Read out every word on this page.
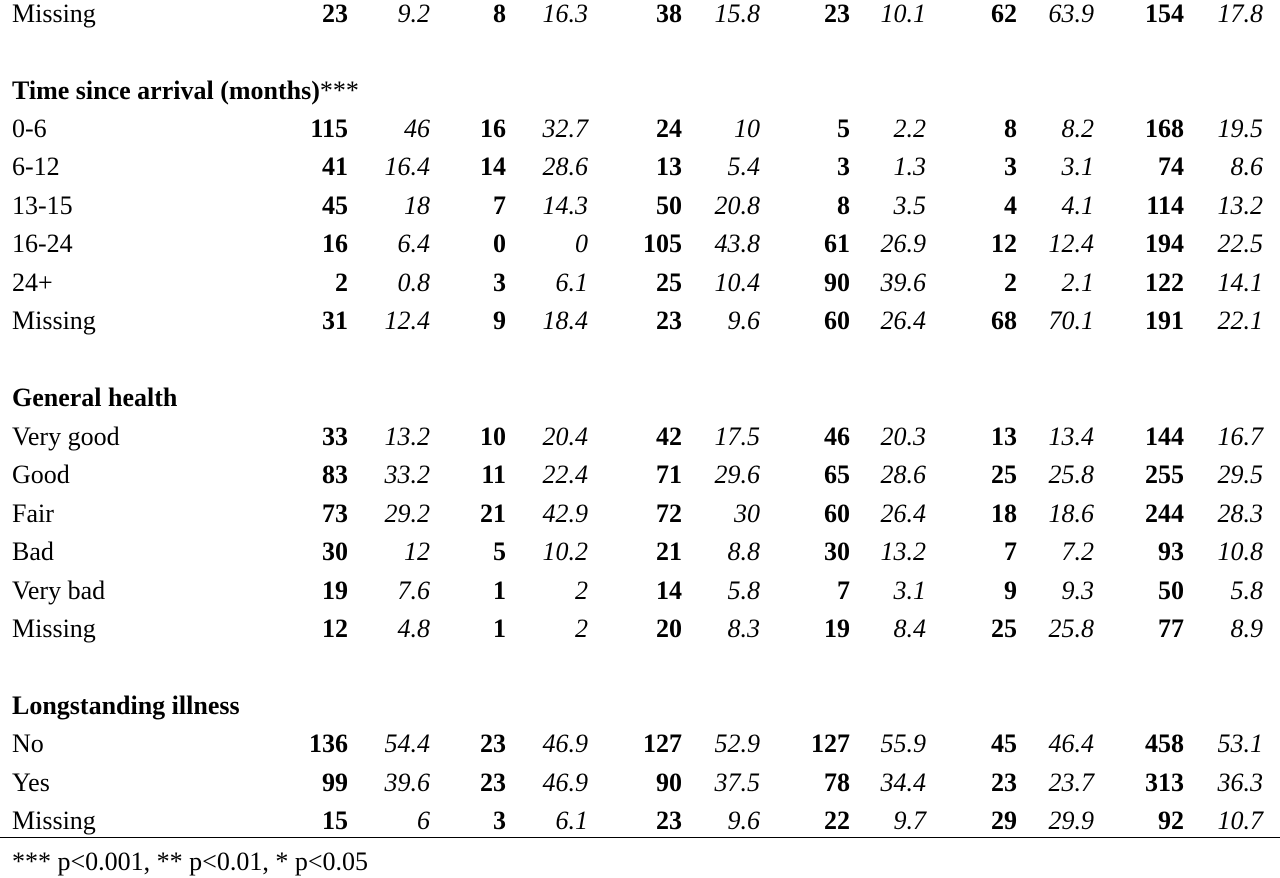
Missing	23	9.2	8	16.3	38	15.8	23	10.1	62	63.9	154	17.8
Time since arrival (months)***
0-6	115	46	16	32.7	24	10	5	2.2	8	8.2	168	19.5
6-12	41	16.4	14	28.6	13	5.4	3	1.3	3	3.1	74	8.6
13-15	45	18	7	14.3	50	20.8	8	3.5	4	4.1	114	13.2
16-24	16	6.4	0	0	105	43.8	61	26.9	12	12.4	194	22.5
24+	2	0.8	3	6.1	25	10.4	90	39.6	2	2.1	122	14.1
Missing	31	12.4	9	18.4	23	9.6	60	26.4	68	70.1	191	22.1
General health
Very good	33	13.2	10	20.4	42	17.5	46	20.3	13	13.4	144	16.7
Good	83	33.2	11	22.4	71	29.6	65	28.6	25	25.8	255	29.5
Fair	73	29.2	21	42.9	72	30	60	26.4	18	18.6	244	28.3
Bad	30	12	5	10.2	21	8.8	30	13.2	7	7.2	93	10.8
Very bad	19	7.6	1	2	14	5.8	7	3.1	9	9.3	50	5.8
Missing	12	4.8	1	2	20	8.3	19	8.4	25	25.8	77	8.9
Longstanding illness
No	136	54.4	23	46.9	127	52.9	127	55.9	45	46.4	458	53.1
Yes	99	39.6	23	46.9	90	37.5	78	34.4	23	23.7	313	36.3
Missing	15	6	3	6.1	23	9.6	22	9.7	29	29.9	92	10.7
*** p<0.001, ** p<0.01, * p<0.05
